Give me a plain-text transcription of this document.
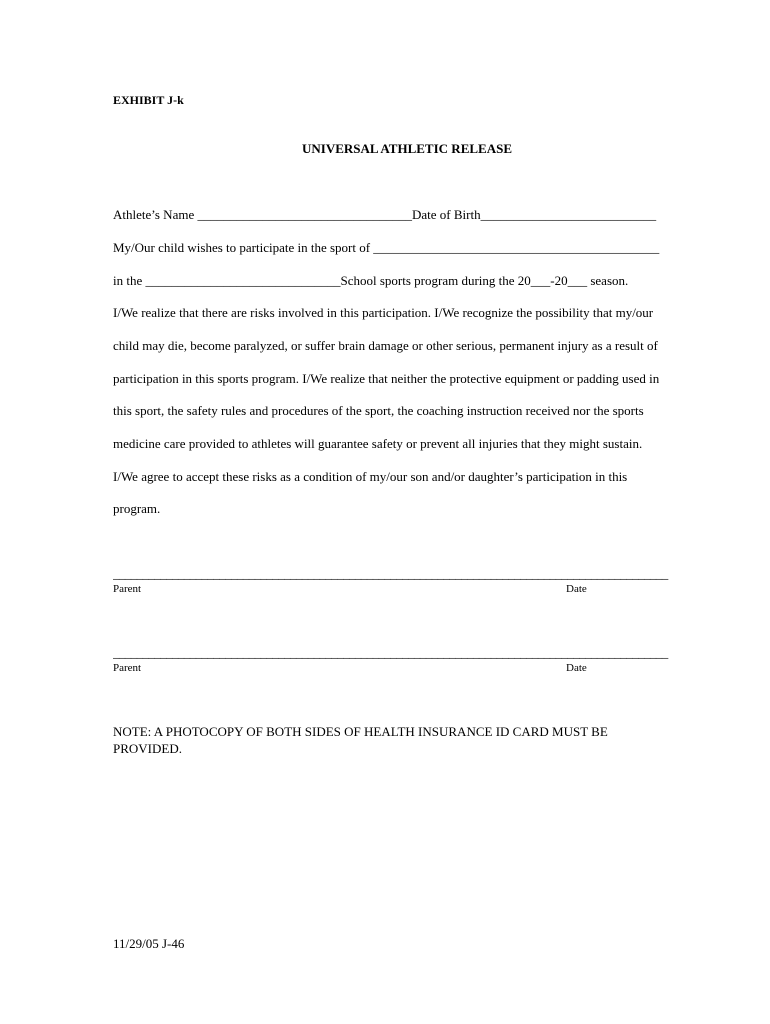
EXHIBIT J-k
UNIVERSAL ATHLETIC RELEASE
Athlete’s Name _________________________________Date of Birth___________________________
My/Our child wishes to participate in the sport of ____________________________________________
in the ______________________________School sports program during the 20___-20___ season.
I/We realize that there are risks involved in this participation. I/We recognize the possibility that my/our
child may die, become paralyzed, or suffer brain damage or other serious, permanent injury as a result of
participation in this sports program. I/We realize that neither the protective equipment or padding used in
this sport, the safety rules and procedures of the sport, the coaching instruction received nor the sports
medicine care provided to athletes will guarantee safety or prevent all injuries that they might sustain.
I/We agree to accept these risks as a condition of my/our son and/or daughter’s participation in this
program.
______________________________________________________________________________________________
Parent	Date
______________________________________________________________________________________________
Parent	Date
NOTE: A PHOTOCOPY OF BOTH SIDES OF HEALTH INSURANCE ID CARD MUST BE PROVIDED.
11/29/05 J-46
